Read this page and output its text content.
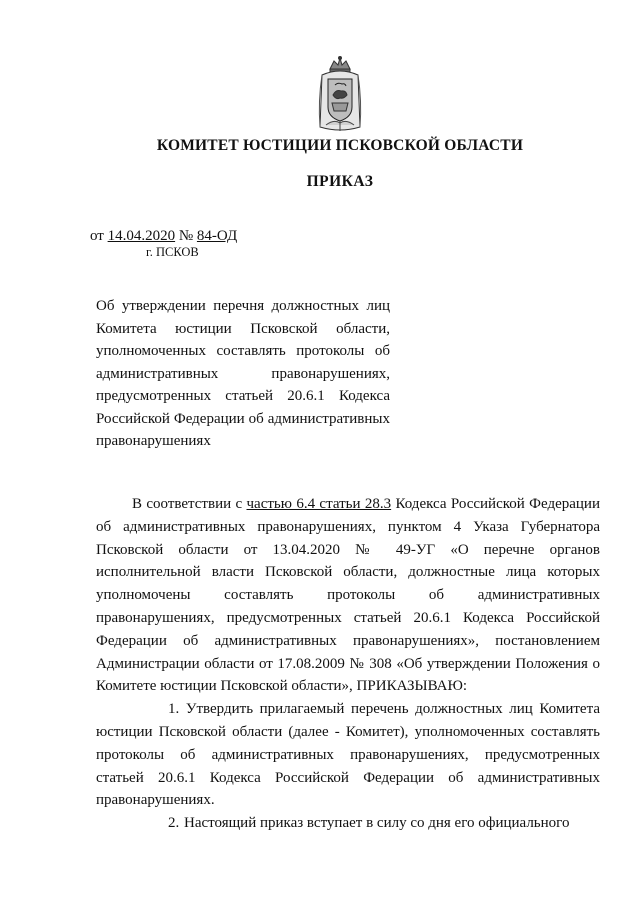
КОМИТЕТ ЮСТИЦИИ ПСКОВСКОЙ ОБЛАСТИ
ПРИКАЗ
от 14.04.2020 № 84-ОД
г. ПСКОВ

Об утверждении перечня должностных лиц Комитета юстиции Псковской области, уполномоченных составлять протоколы об административных правонарушениях, предусмотренных статьей 20.6.1 Кодекса Российской Федерации об административных правонарушениях

В соответствии с частью 6.4 статьи 28.3 Кодекса Российской Федерации об административных правонарушениях, пунктом 4 Указа Губернатора Псковской области от 13.04.2020 № 49-УГ «О перечне органов исполнительной власти Псковской области, должностные лица которых уполномочены составлять протоколы об административных правонарушениях, предусмотренных статьей 20.6.1 Кодекса Российской Федерации об административных правонарушениях», постановлением Администрации области от 17.08.2009 № 308 «Об утверждении Положения о Комитете юстиции Псковской области», ПРИКАЗЫВАЮ:

1. Утвердить прилагаемый перечень должностных лиц Комитета юстиции Псковской области (далее - Комитет), уполномоченных составлять протоколы об административных правонарушениях, предусмотренных статьей 20.6.1 Кодекса Российской Федерации об административных правонарушениях.

2. Настоящий приказ вступает в силу со дня его официального
